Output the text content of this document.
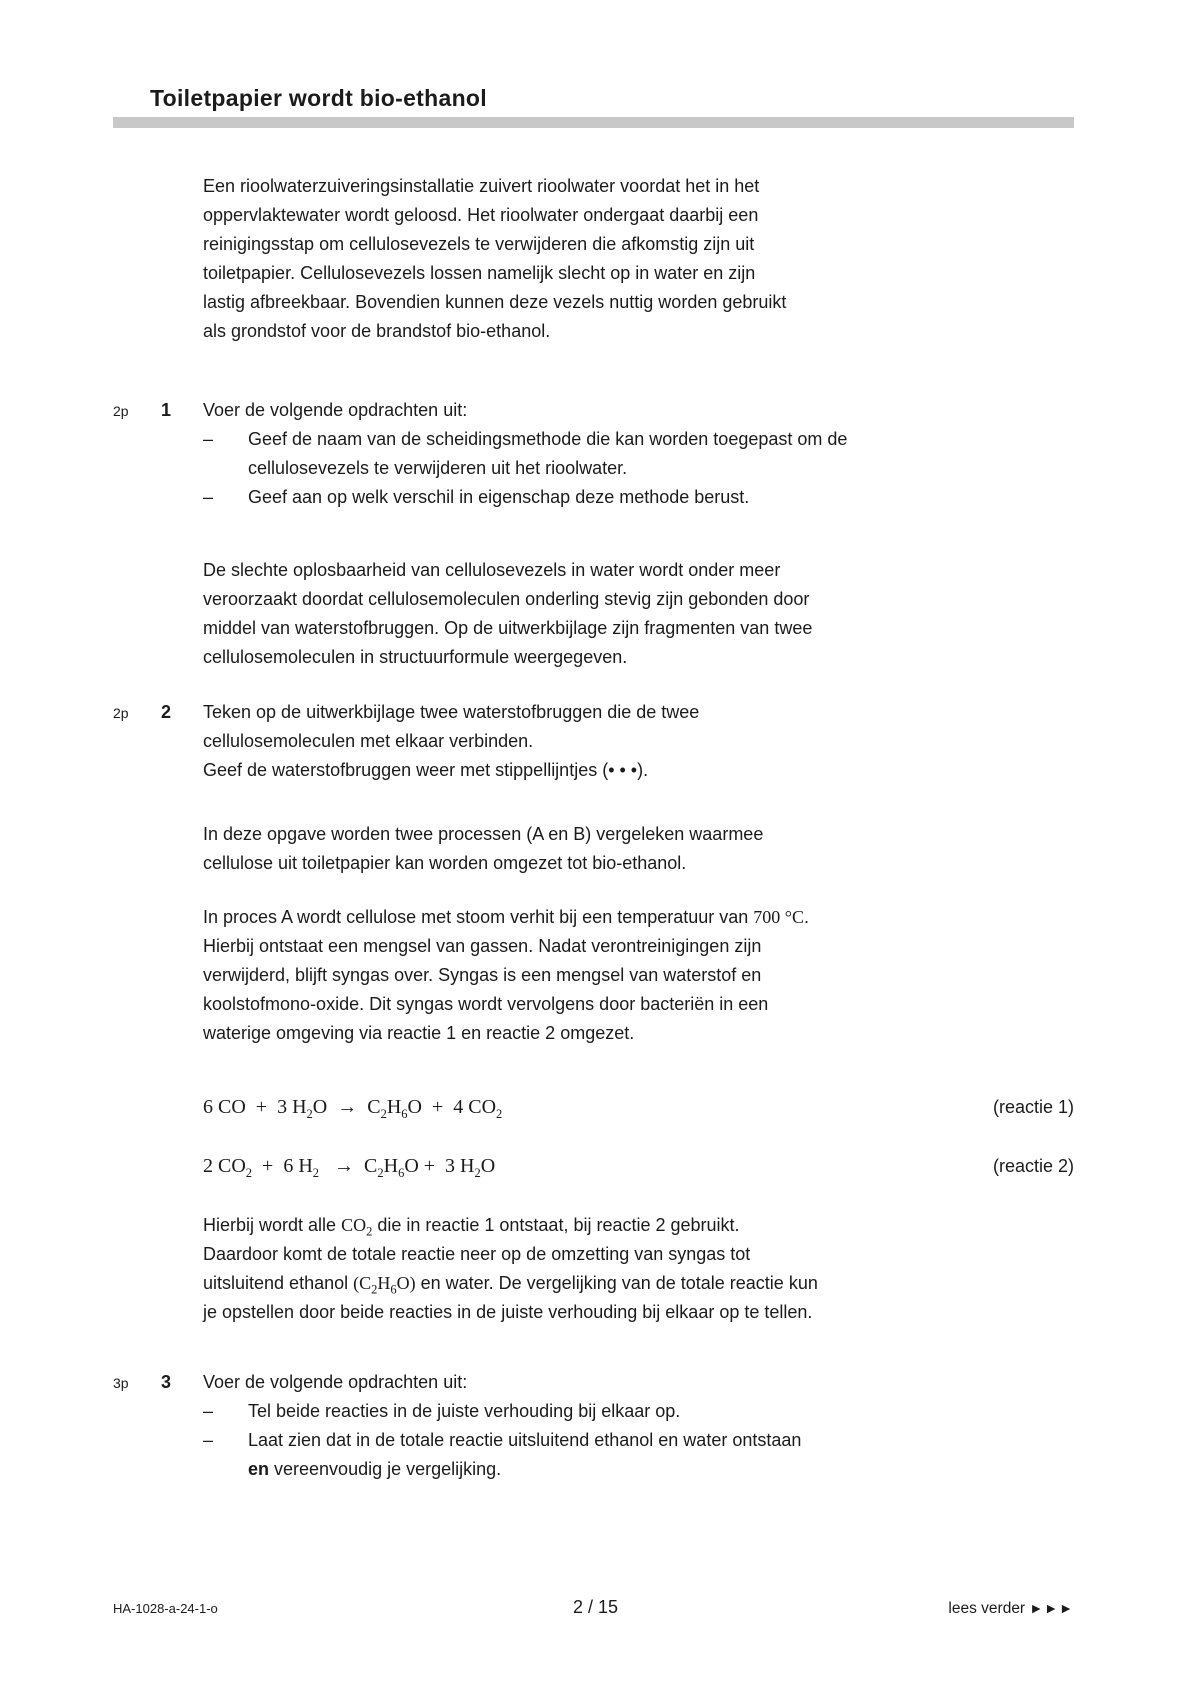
Toiletpapier wordt bio-ethanol

Een rioolwaterzuiveringsinstallatie zuivert rioolwater voordat het in het
oppervlaktewater wordt geloosd. Het rioolwater ondergaat daarbij een
reinigingsstap om cellulosevezels te verwijderen die afkomstig zijn uit
toiletpapier. Cellulosevezels lossen namelijk slecht op in water en zijn
lastig afbreekbaar. Bovendien kunnen deze vezels nuttig worden gebruikt
als grondstof voor de brandstof bio-ethanol.

2p 1 Voer de volgende opdrachten uit:

–	Geef de naam van de scheidingsmethode die kan worden toegepast om de
cellulosevezels te verwijderen uit het rioolwater.

–	Geef aan op welk verschil in eigenschap deze methode berust.

De slechte oplosbaarheid van cellulosevezels in water wordt onder meer
veroorzaakt doordat cellulosemoleculen onderling stevig zijn gebonden door
middel van waterstofbruggen. Op de uitwerkbijlage zijn fragmenten van twee
cellulosemoleculen in structuurformule weergegeven.

2p 2 Teken op de uitwerkbijlage twee waterstofbruggen die de twee
cellulosemoleculen met elkaar verbinden.
Geef de waterstofbruggen weer met stippellijntjes (• • •).

In deze opgave worden twee processen (A en B) vergeleken waarmee
cellulose uit toiletpapier kan worden omgezet tot bio-ethanol.

In proces A wordt cellulose met stoom verhit bij een temperatuur van 700 °C.
Hierbij ontstaat een mengsel van gassen. Nadat verontreinigingen zijn
verwijderd, blijft syngas over. Syngas is een mengsel van waterstof en
koolstofmono-oxide. Dit syngas wordt vervolgens door bacteriën in een
waterige omgeving via reactie 1 en reactie 2 omgezet.

6 CO  +  3 $H_2O \to C_2H_6O + 4$ $CO_2$	(reactie 1)
2 $CO_2 + 6$ $H_2 \to C_2H_6O + 3$ $H_2O$	(reactie 2)

Hierbij wordt alle $CO_2$ die in reactie 1 ontstaat, bij reactie 2 gebruikt.
Daardoor komt de totale reactie neer op de omzetting van syngas tot
uitsluitend ethanol $(C_2H_6O)$ en water. De vergelijking van de totale reactie kun
je opstellen door beide reacties in de juiste verhouding bij elkaar op te tellen.

3p 3 Voer de volgende opdrachten uit:

–	Tel beide reacties in de juiste verhouding bij elkaar op.

–	Laat zien dat in de totale reactie uitsluitend ethanol en water ontstaan
en vereenvoudig je vergelijking.

HA-1028-a-24-1-o	2 / 15	lees verder ►►►
